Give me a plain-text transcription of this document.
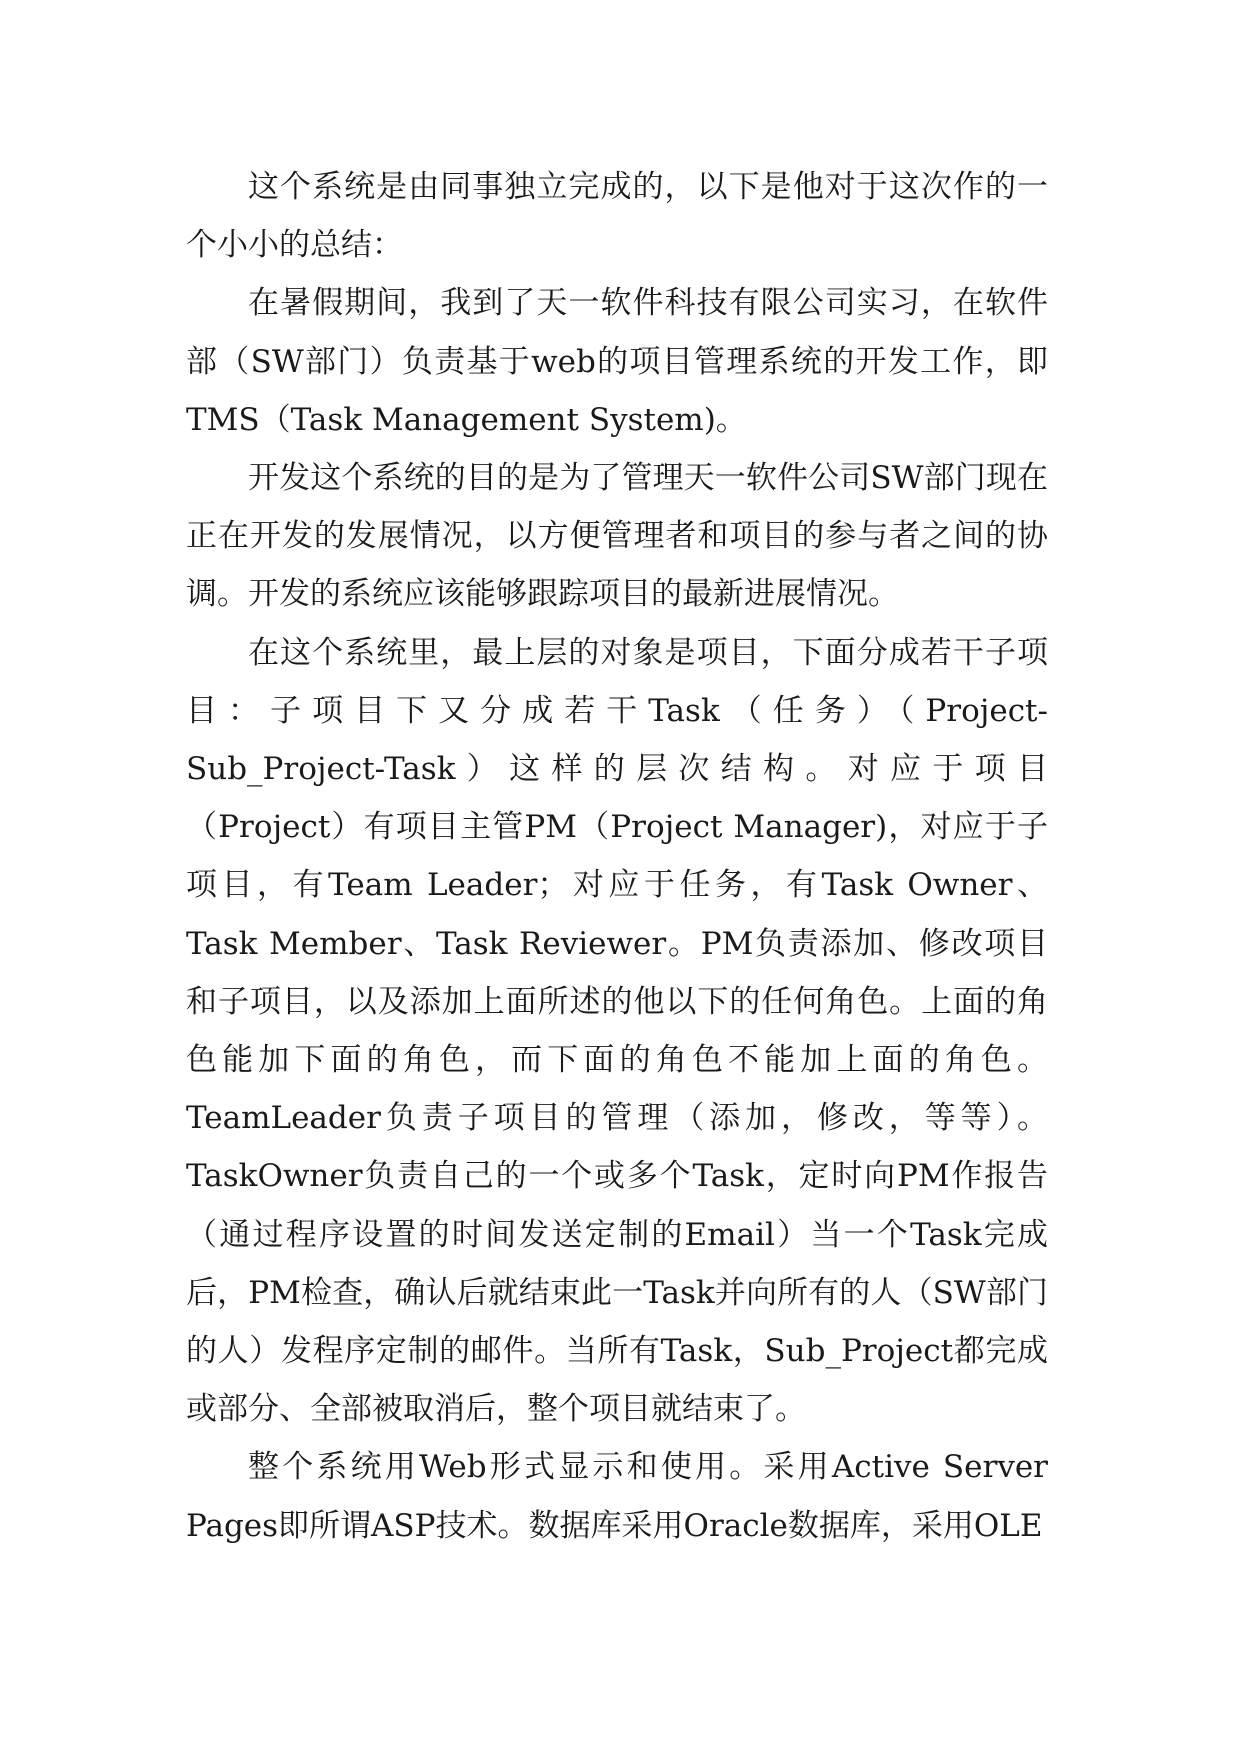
这个系统是由同事独立完成的，以下是他对于这次作的一个小小的总结：

在暑假期间，我到了天一软件科技有限公司实习，在软件部（SW部门）负责基于web的项目管理系统的开发工作，即TMS（Task Management System)。

开发这个系统的目的是为了管理天一软件公司SW部门现在正在开发的发展情况，以方便管理者和项目的参与者之间的协调。开发的系统应该能够跟踪项目的最新进展情况。

在这个系统里，最上层的对象是项目，下面分成若干子项目：子项目下又分成若干Task（任务）（Project-Sub_Project-Task）这样的层次结构。对应于项目（Project）有项目主管PM（Project Manager)，对应于子项目，有Team Leader；对应于任务，有Task Owner、Task Member、Task Reviewer。PM负责添加、修改项目和子项目，以及添加上面所述的他以下的任何角色。上面的角色能加下面的角色，而下面的角色不能加上面的角色。TeamLeader负责子项目的管理（添加，修改，等等）。TaskOwner负责自己的一个或多个Task，定时向PM作报告（通过程序设置的时间发送定制的Email）当一个Task完成后，PM检查，确认后就结束此一Task并向所有的人（SW部门的人）发程序定制的邮件。当所有Task，Sub_Project都完成或部分、全部被取消后，整个项目就结束了。

整个系统用Web形式显示和使用。采用Active Server Pages即所谓ASP技术。数据库采用Oracle数据库，采用OLE
